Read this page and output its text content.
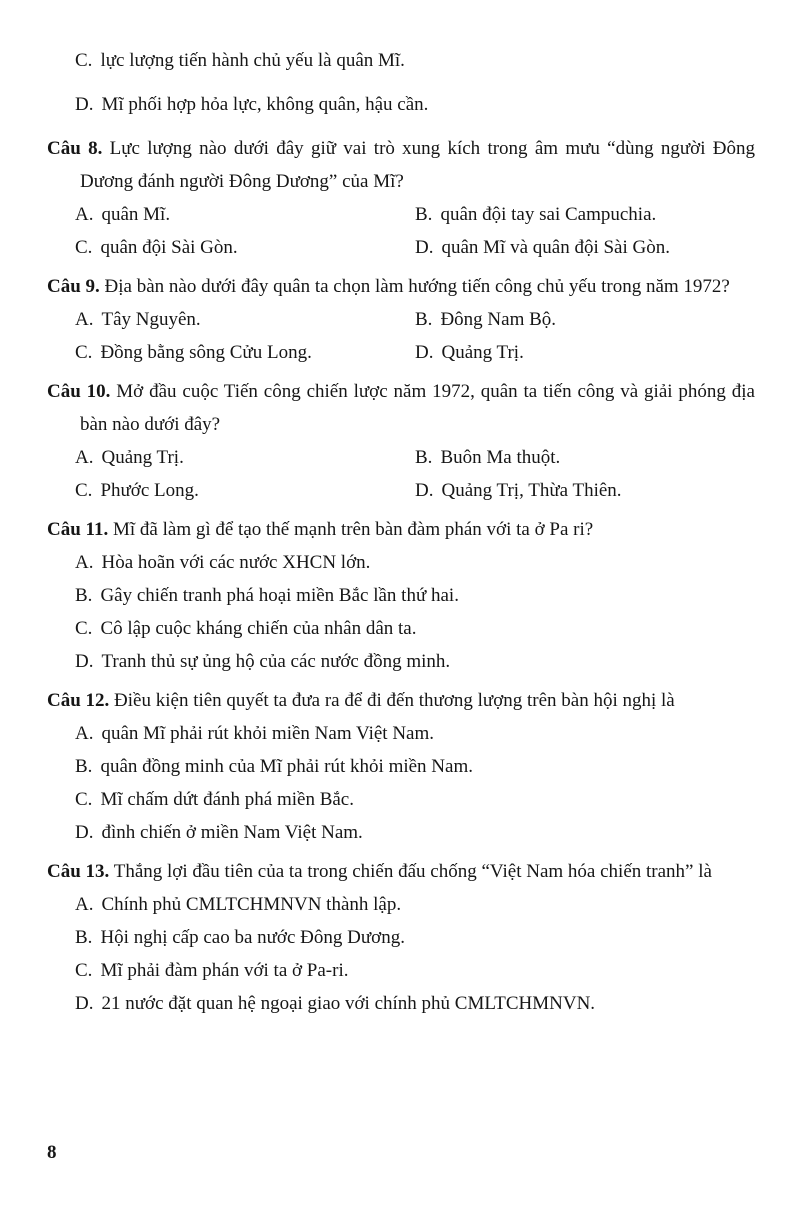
C. lực lượng tiến hành chủ yếu là quân Mĩ.
D. Mĩ phối hợp hỏa lực, không quân, hậu cần.

Câu 8. Lực lượng nào dưới đây giữ vai trò xung kích trong âm mưu “dùng người Đông Dương đánh người Đông Dương” của Mĩ?

A. quân Mĩ.	B. quân đội tay sai Campuchia.
C. quân đội Sài Gòn.	D. quân Mĩ và quân đội Sài Gòn.

Câu 9. Địa bàn nào dưới đây quân ta chọn làm hướng tiến công chủ yếu trong năm 1972?

A. Tây Nguyên.	B. Đông Nam Bộ.
C. Đồng bằng sông Cửu Long.	D. Quảng Trị.

Câu 10. Mở đầu cuộc Tiến công chiến lược năm 1972, quân ta tiến công và giải phóng địa bàn nào dưới đây?

A. Quảng Trị.	B. Buôn Ma thuột.
C. Phước Long.	D. Quảng Trị, Thừa Thiên.

Câu 11. Mĩ đã làm gì để tạo thế mạnh trên bàn đàm phán với ta ở Pa ri?

A. Hòa hoãn với các nước XHCN lớn.
B. Gây chiến tranh phá hoại miền Bắc lần thứ hai.
C. Cô lập cuộc kháng chiến của nhân dân ta.
D. Tranh thủ sự ủng hộ của các nước đồng minh.

Câu 12. Điều kiện tiên quyết ta đưa ra để đi đến thương lượng trên bàn hội nghị là

A. quân Mĩ phải rút khỏi miền Nam Việt Nam.
B. quân đồng minh của Mĩ phải rút khỏi miền Nam.
C. Mĩ chấm dứt đánh phá miền Bắc.
D. đình chiến ở miền Nam Việt Nam.

Câu 13. Thắng lợi đầu tiên của ta trong chiến đấu chống “Việt Nam hóa chiến tranh” là

A. Chính phủ CMLTCHMNVN thành lập.
B. Hội nghị cấp cao ba nước Đông Dương.
C. Mĩ phải đàm phán với ta ở Pa-ri.
D. 21 nước đặt quan hệ ngoại giao với chính phủ CMLTCHMNVN.
8
